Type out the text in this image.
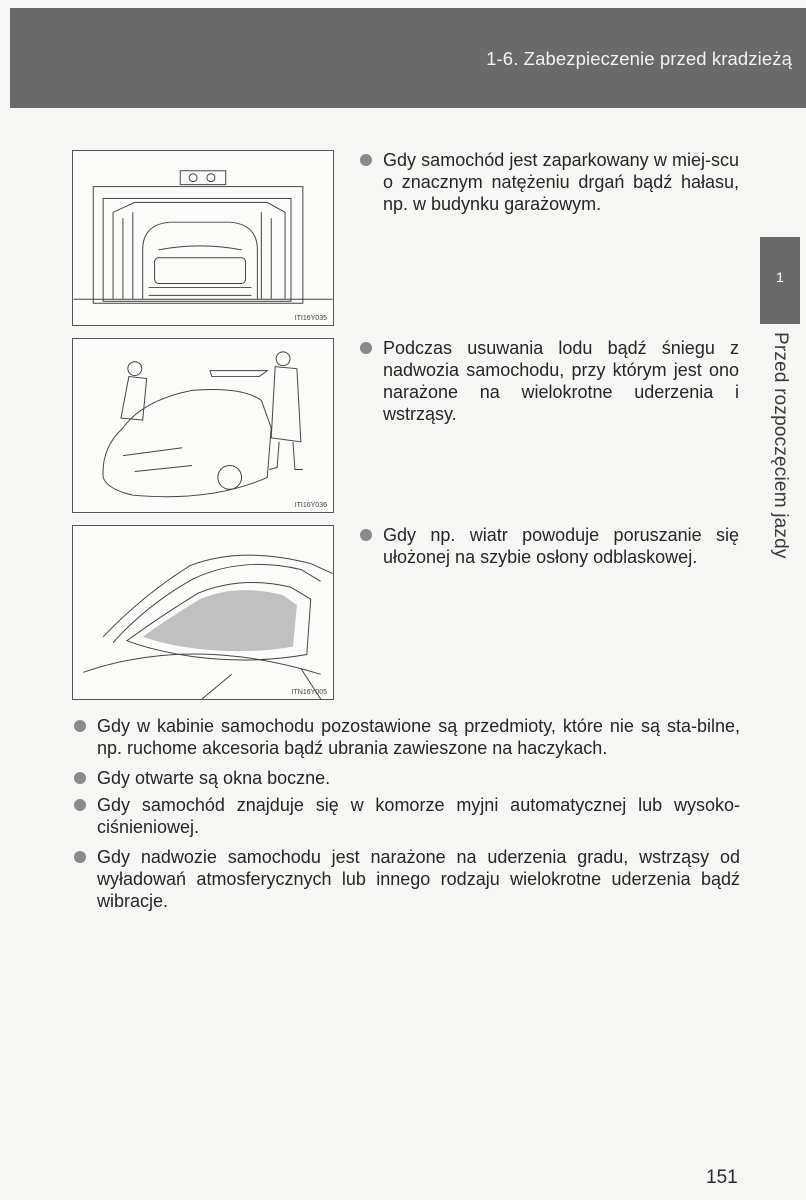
1-6. Zabezpieczenie przed kradzieżą
1
Przed rozpoczęciem jazdy
ITI16Y035
ITI16Y036
ITN16Y005
Gdy samochód jest zaparkowany w miej-scu o znacznym natężeniu drgań bądź hałasu, np. w budynku garażowym.
Podczas usuwania lodu bądź śniegu z nadwozia samochodu, przy którym jest ono narażone na wielokrotne uderzenia i wstrząsy.
Gdy np. wiatr powoduje poruszanie się ułożonej na szybie osłony odblaskowej.
Gdy w kabinie samochodu pozostawione są przedmioty, które nie są sta-bilne, np. ruchome akcesoria bądź ubrania zawieszone na haczykach.
Gdy otwarte są okna boczne.
Gdy samochód znajduje się w komorze myjni automatycznej lub wysoko-ciśnieniowej.
Gdy nadwozie samochodu jest narażone na uderzenia gradu, wstrząsy od wyładowań atmosferycznych lub innego rodzaju wielokrotne uderzenia bądź wibracje.
151
